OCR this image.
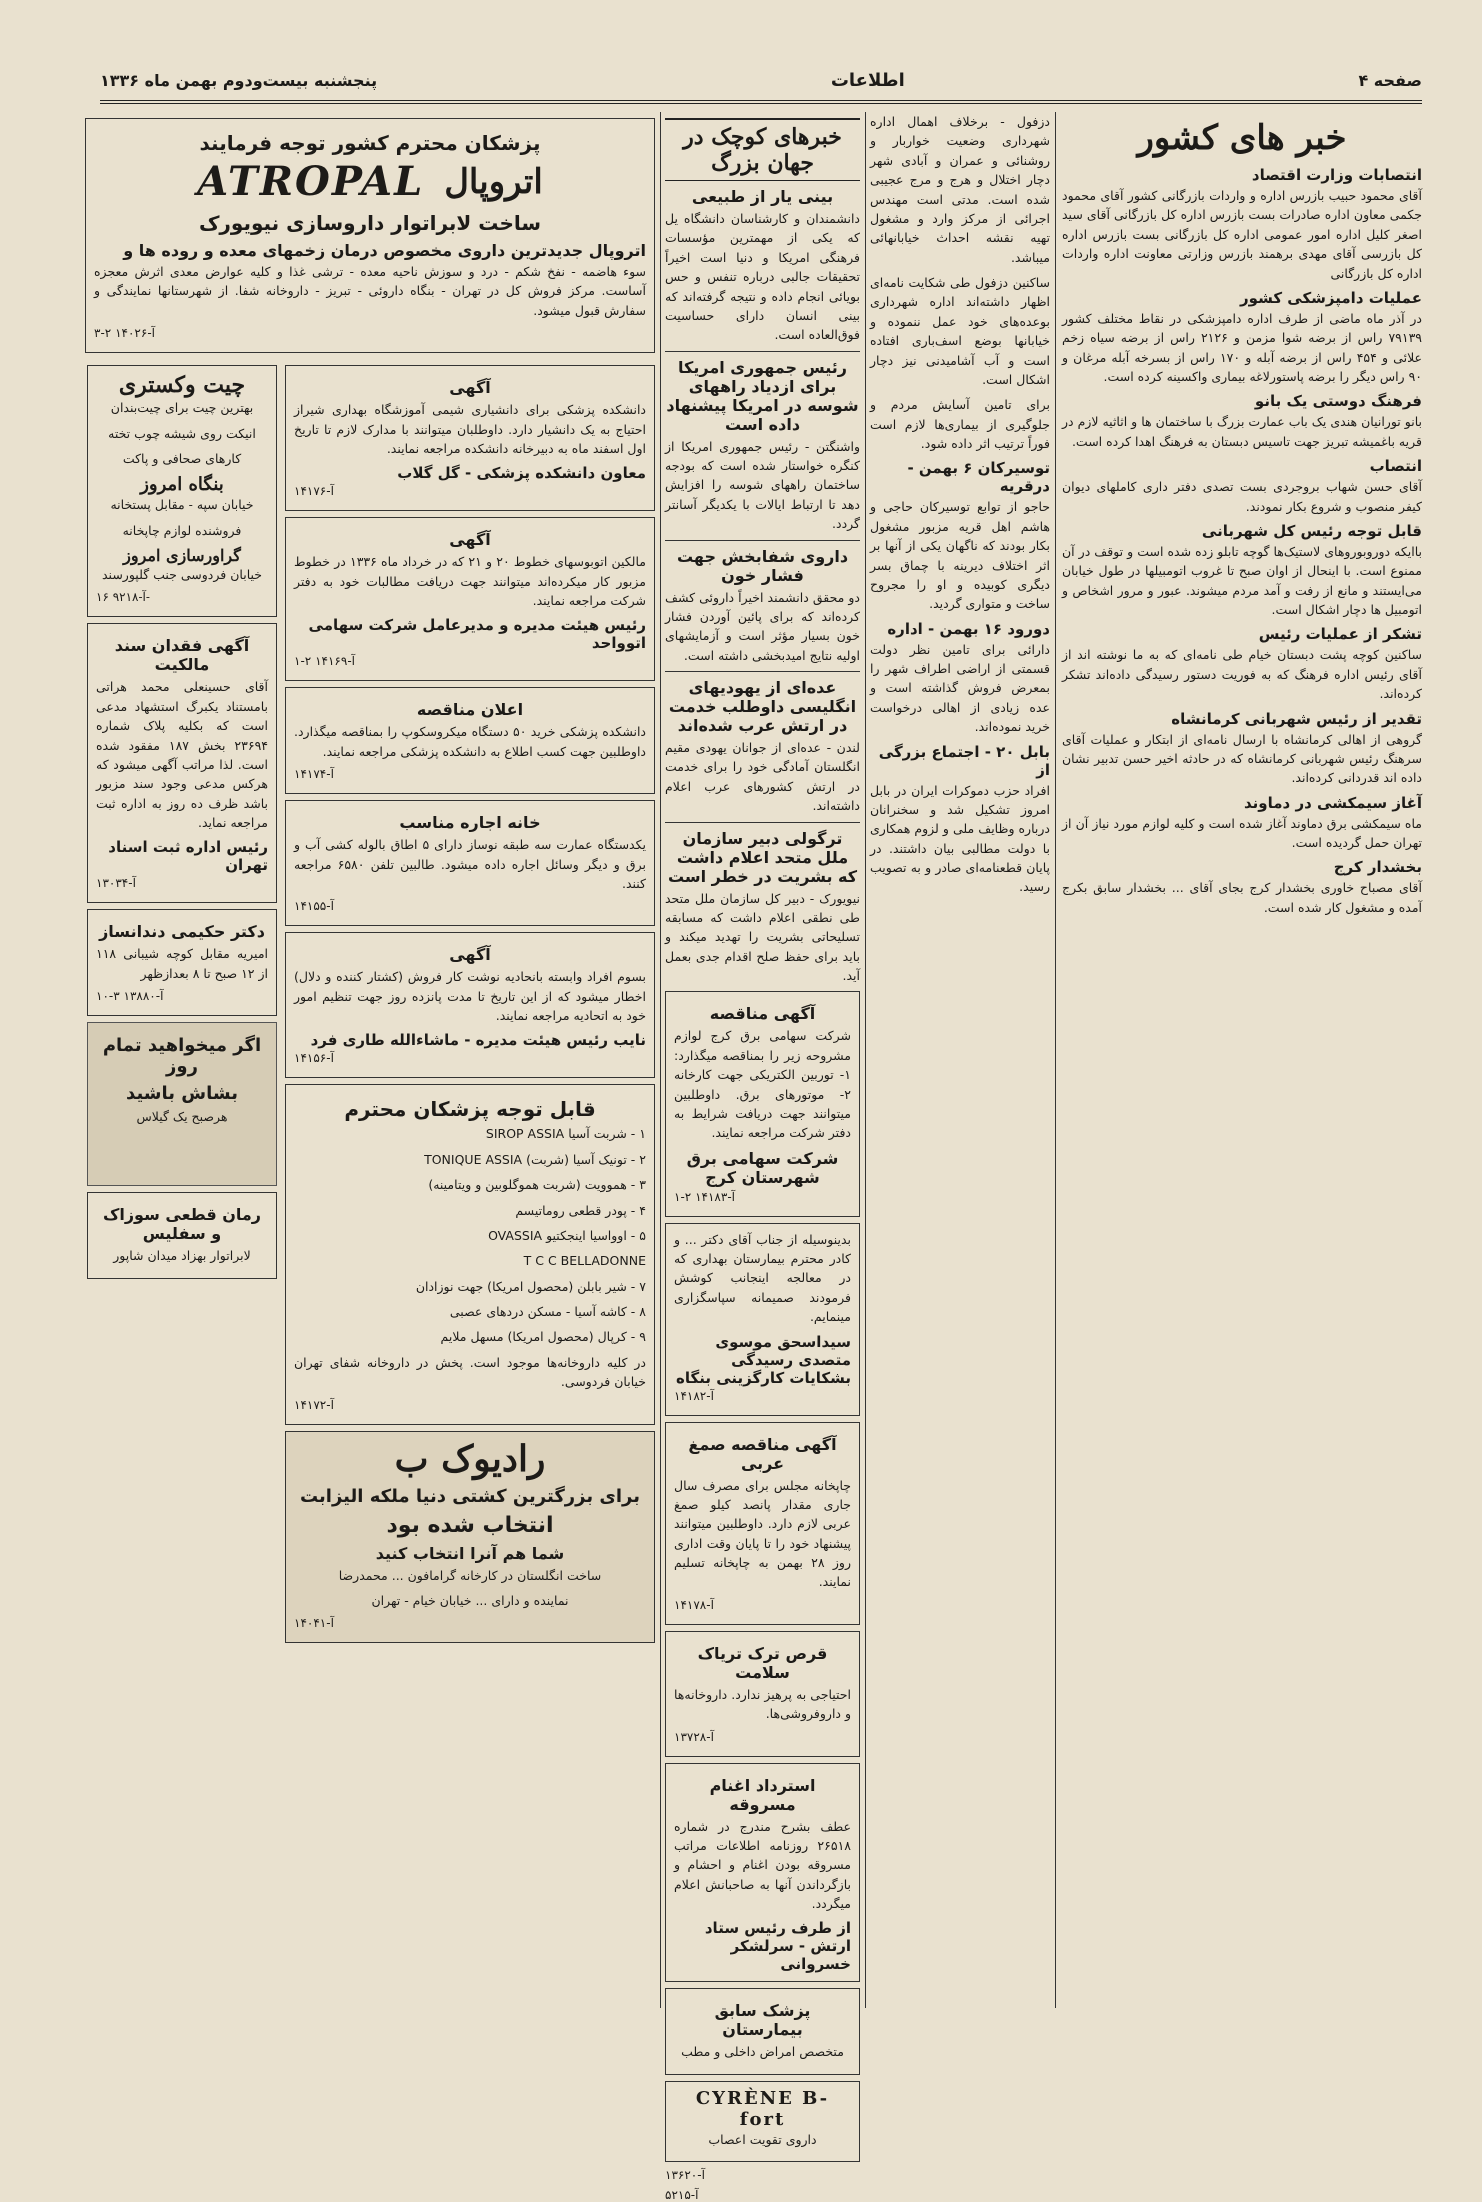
صفحه ۴
اطلاعات
پنجشنبه بیست‌ودوم بهمن ماه ۱۳۳۶
خبر های کشور
انتصابات وزارت اقتصاد

آقای محمود حبیب بازرس اداره و واردات بازرگانی کشور آقای محمود جکمی معاون اداره صادرات بست بازرس اداره کل بازرگانی آقای سید اصغر کلیل اداره امور عمومی اداره کل بازرگانی بست بازرس اداره کل بازرسی آقای مهدی برهمند بازرس وزارتی معاونت اداره واردات اداره کل بازرگانی

عملیات دامپزشکی کشور

در آذر ماه ماضی از طرف اداره دامپزشکی در نقاط مختلف کشور ۷۹۱۳۹ راس از برضه شوا مزمن و ۲۱۲۶ راس از برضه سیاه زخم علائی و ۴۵۴ راس از برضه آبله و ۱۷۰ راس از بسرخه آبله مرغان و ۹۰ راس دیگر را برضه پاستورلاغه بیماری واکسینه کرده است.

فرهنگ دوستی یک بانو

بانو تورانیان هندی یک باب عمارت بزرگ با ساختمان ها و اثاثیه لازم در قریه باغمیشه تبریز جهت تاسیس دبستان به فرهنگ اهدا کرده است.

انتصاب

آقای حسن شهاب بروجردی بست تصدی دفتر داری کاملهای دیوان کیفر منصوب و شروع بکار نمودند.

قابل توجه رئیس کل شهربانی

باایکه دوروبوروهای لاستیک‌ها گوچه تابلو زده شده است و توقف در آن ممنوع است. با اینحال از اوان صبح تا غروب اتومبیلها در طول خیابان می‌ایستند و مانع از رفت و آمد مردم میشوند. عبور و مرور اشخاص و اتومبیل ها دچار اشکال است.

تشکر از عملیات رئیس

ساکنین کوچه پشت دبستان خیام طی نامه‌ای که به ما نوشته اند از آقای رئیس اداره فرهنگ که به فوریت دستور رسیدگی داده‌اند تشکر کرده‌اند.

تقدیر از رئیس شهربانی کرمانشاه

گروهی از اهالی کرمانشاه با ارسال نامه‌ای از ابتکار و عملیات آقای سرهنگ رئیس شهربانی کرمانشاه که در حادثه اخیر حسن تدبیر نشان داده اند قدردانی کرده‌اند.

آغاز سیمکشی در دماوند

ماه سیمکشی برق دماوند آغاز شده است و کلیه لوازم مورد نیاز آن از تهران حمل گردیده است.

بخشدار کرج

آقای مصباح خاوری بخشدار کرج بجای آقای ... بخشدار سابق بکرج آمده و مشغول کار شده است.

دزفول - برخلاف اهمال اداره شهرداری وضعیت خواربار و روشنائی و عمران و آبادی شهر دچار اختلال و هرج و مرج عجیبی شده است. مدتی است مهندس اجرائی از مرکز وارد و مشغول تهیه نقشه احداث خیابانهائی میباشد.

ساکنین دزفول طی شکایت نامه‌ای اظهار داشته‌اند اداره شهرداری بوعده‌های خود عمل ننموده و خیابانها بوضع اسف‌باری افتاده است و آب آشامیدنی نیز دچار اشکال است.

برای تامین آسایش مردم و جلوگیری از بیماری‌ها لازم است فوراً ترتیب اثر داده شود.

توسیرکان ۶ بهمن - درقریه

حاجو از توابع توسیرکان حاجی و هاشم اهل قریه مزبور مشغول بکار بودند که ناگهان یکی از آنها بر اثر اختلاف دیرینه با چماق بسر دیگری کوبیده و او را مجروح ساخت و متواری گردید.

دورود ۱۶ بهمن - اداره

دارائی برای تامین نظر دولت قسمتی از اراضی اطراف شهر را بمعرض فروش گذاشته است و عده زیادی از اهالی درخواست خرید نموده‌اند.

بابل ۲۰ - اجتماع بزرگی از

افراد حزب دموکرات ایران در بابل امروز تشکیل شد و سخنرانان درباره وظایف ملی و لزوم همکاری با دولت مطالبی بیان داشتند. در پایان قطعنامه‌ای صادر و به تصویب رسید.

خبرهای کوچک در جهان بزرگ
بینی یار از طبیعی

دانشمندان و کارشناسان دانشگاه یل که یکی از مهمترین مؤسسات فرهنگی امریکا و دنیا است اخیراً تحقیقات جالبی درباره تنفس و حس بویائی انجام داده و نتیجه گرفته‌اند که بینی انسان دارای حساسیت فوق‌العاده است.

رئیس جمهوری امریکا برای ازدیاد راههای شوسه در امریکا پیشنهاد داده است

واشنگتن - رئیس جمهوری امریکا از کنگره خواستار شده است که بودجه ساختمان راههای شوسه را افزایش دهد تا ارتباط ایالات با یکدیگر آسانتر گردد.

داروی شفابخش جهت فشار خون

دو محقق دانشمند اخیراً داروئی کشف کرده‌اند که برای پائین آوردن فشار خون بسیار مؤثر است و آزمایشهای اولیه نتایج امیدبخشی داشته است.

عده‌ای از یهودیهای انگلیسی داوطلب خدمت در ارتش عرب شده‌اند

لندن - عده‌ای از جوانان یهودی مقیم انگلستان آمادگی خود را برای خدمت در ارتش کشورهای عرب اعلام داشته‌اند.

ترگولی دبیر سازمان ملل متحد اعلام داشت که بشریت در خطر است

نیویورک - دبیر کل سازمان ملل متحد طی نطقی اعلام داشت که مسابقه تسلیحاتی بشریت را تهدید میکند و باید برای حفظ صلح اقدام جدی بعمل آید.

آگهی مناقصه

شرکت سهامی برق کرج لوازم مشروحه زیر را بمناقصه میگذارد: ۱- توربین الکتریکی جهت کارخانه ۲- موتورهای برق. داوطلبین میتوانند جهت دریافت شرایط به دفتر شرکت مراجعه نمایند.

شرکت سهامی برق شهرستان کرج
آ-۱۴۱۸۳ ۲-۱

بدینوسیله از جناب آقای دکتر ... و کادر محترم بیمارستان بهداری که در معالجه اینجانب کوشش فرمودند صمیمانه سپاسگزاری مینمایم.

سیداسحق موسوی متصدی رسیدگی بشکایات کارگزینی بنگاه
آ-۱۴۱۸۲
آگهی مناقصه صمغ عربی

چاپخانه مجلس برای مصرف سال جاری مقدار پانصد کیلو صمغ عربی لازم دارد. داوطلبین میتوانند پیشنهاد خود را تا پایان وقت اداری روز ۲۸ بهمن به چاپخانه تسلیم نمایند.

آ-۱۴۱۷۸
قرص ترک تریاک سلامت

احتیاجی به پرهیز ندارد. داروخانه‌ها و داروفروشی‌ها.

آ-۱۳۷۲۸
استرداد اغنام مسروقه

عطف بشرح مندرج در شماره ۲۶۵۱۸ روزنامه اطلاعات مراتب مسروقه بودن اغنام و احشام و بازگرداندن آنها به صاحبانش اعلام میگردد.

از طرف رئیس ستاد ارتش - سرلشکر خسروانی
پزشک سابق بیمارستان
متخصص امراض داخلی و مطب
CYRÈNE B-fort
داروی تقویت اعصاب
آ-۱۳۶۲۰
آ-۵۲۱۵
پزشکان محترم کشور توجه فرمایند
اتروپال
ATROPAL
ساخت لابراتوار داروسازی نیویورک
اتروپال جدیدترین داروی مخصوص درمان زخمهای معده و روده ها و

سوء هاضمه - نفخ شکم - درد و سوزش ناحیه معده - ترشی غذا و کلیه عوارض معدی اثرش معجزه آساست. مرکز فروش کل در تهران - بنگاه داروئی - تبریز - داروخانه شفا. از شهرستانها نمایندگی و سفارش قبول میشود.

آ-۱۴۰۲۶ ۲-۳
آگهی

دانشکده پزشکی برای دانشیاری شیمی آموزشگاه بهداری شیراز احتیاج به یک دانشیار دارد. داوطلبان میتوانند با مدارک لازم تا تاریخ اول اسفند ماه به دبیرخانه دانشکده مراجعه نمایند.

معاون دانشکده پزشکی - گل گلاب
آ-۱۴۱۷۶
آگهی

مالکین اتوبوسهای خطوط ۲۰ و ۲۱ که در خرداد ماه ۱۳۳۶ در خطوط مزبور کار میکرده‌اند میتوانند جهت دریافت مطالبات خود به دفتر شرکت مراجعه نمایند.

رئیس هیئت مدیره و مدیرعامل شرکت سهامی اتوواحد
آ-۱۴۱۶۹ ۲-۱
اعلان مناقصه

دانشکده پزشکی خرید ۵۰ دستگاه میکروسکوپ را بمناقصه میگذارد. داوطلبین جهت کسب اطلاع به دانشکده پزشکی مراجعه نمایند.

آ-۱۴۱۷۴
خانه اجاره مناسب

یکدستگاه عمارت سه طبقه نوساز دارای ۵ اطاق بالوله کشی آب و برق و دیگر وسائل اجاره داده میشود. طالبین تلفن ۶۵۸۰ مراجعه کنند.

آ-۱۴۱۵۵
آگهی

بسوم افراد وابسته بانحادیه نوشت کار فروش (کشتار کننده و دلال) اخطار میشود که از این تاریخ تا مدت پانزده روز جهت تنظیم امور خود به اتحادیه مراجعه نمایند.

نایب رئیس هیئت مدیره - ماشاءالله طاری فرد
آ-۱۴۱۵۶
قابل توجه پزشکان محترم
۱ - شربت آسیا SIROP ASSIA
۲ - تونیک آسیا (شربت) TONIQUE ASSIA
۳ - هموویت (شربت هموگلوبین و ویتامینه)
۴ - پودر قطعی روماتیسم
۵ - اوواسیا اینجکتیو OVASSIA
T C C BELLADONNE
۷ - شیر بابلن (محصول امریکا) جهت نوزادان
۸ - کاشه آسیا - مسکن دردهای عصبی
۹ - کرپال (محصول امریکا) مسهل ملایم

در کلیه داروخانه‌ها موجود است. پخش در داروخانه شفای تهران خیابان فردوسی.

آ-۱۴۱۷۲
رادیوک ب
برای بزرگترین کشتی دنیا ملکه الیزابت
انتخاب شده بود
شما هم آنرا انتخاب کنید
ساخت انگلستان در کارخانه گرامافون ... محمدرضا
نماینده و دارای ... خیابان خیام - تهران
آ-۱۴۰۴۱
چیت وکستری
بهترین چیت برای چیت‌بندان
انیکت روی شیشه چوب تخته
کارهای صحافی و پاکت
بنگاه امروز
خیابان سپه - مقابل پستخانه
فروشنده لوازم چاپخانه
گراورسازی امروز
خیابان فردوسی جنب گلپورسند
آ-۹۲۱۸ ۱۶-
آگهی فقدان سند مالکیت

آقای حسینعلی محمد هراتی بامستناد یکبرگ استشهاد مدعی است که بکلیه پلاک شماره ۲۳۶۹۴ بخش ۱۸۷ مفقود شده است. لذا مراتب آگهی میشود که هرکس مدعی وجود سند مزبور باشد ظرف ده روز به اداره ثبت مراجعه نماید.

رئیس اداره ثبت اسناد تهران
آ-۱۳۰۳۴
دکتر حکیمی دندانساز

امیریه مقابل کوچه شیبانی ۱۱۸ از ۱۲ صبح تا ۸ بعدازظهر

آ-۱۳۸۸۰ ۳-۱۰
اگر میخواهید تمام روز
بشاش باشید
هرصبح یک گیلاس
رمان قطعی سوزاک و سفلیس
لابراتوار بهزاد میدان شاپور
